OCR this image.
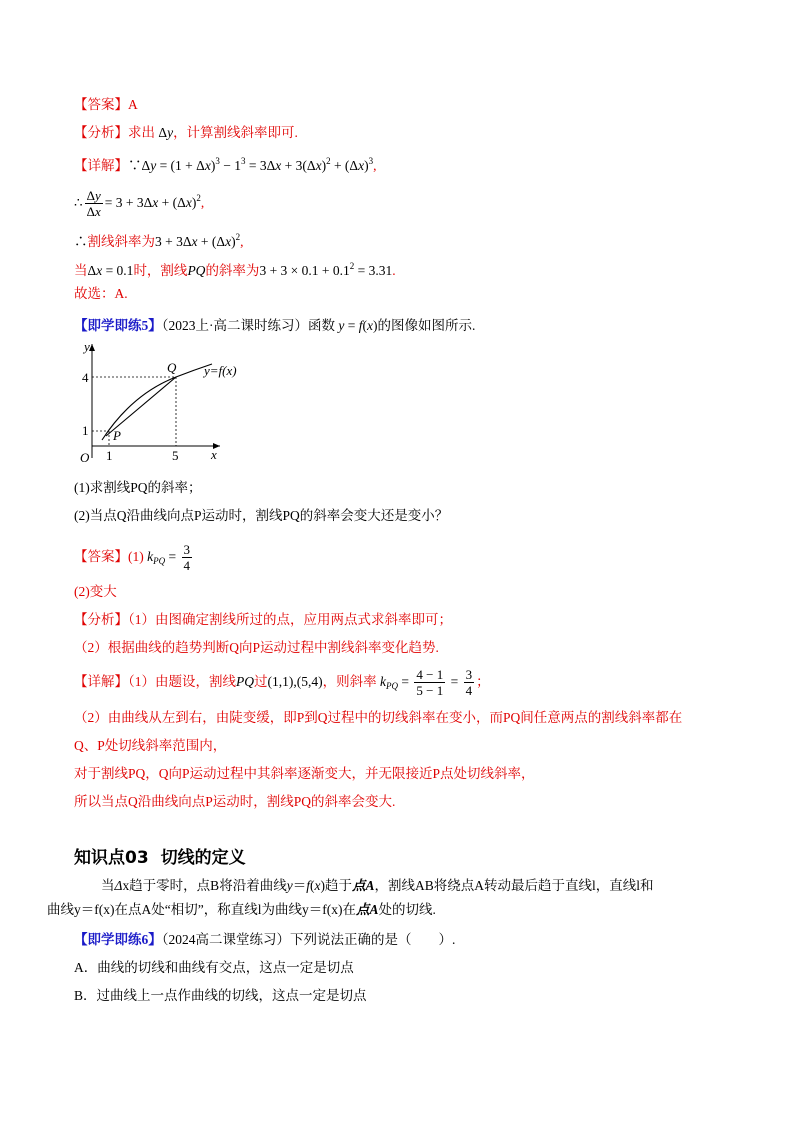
【答案】A
【分析】求出 Δy，计算割线斜率即可.
【详解】∵Δy = $(1 + \Delta x)^3 - 1^3 = 3\Delta x + 3(\Delta x)^2 + (\Delta x)^3$,
∴ $\frac{\Delta y}{\Delta x} = 3 + 3\Delta x + (\Delta x)^2$,
∴割线斜率为$3 + 3\Delta x + (\Delta x)^2$,
当Δx = 0.1时，割线PQ的斜率为$3 + 3 \times 0.1 + 0.1^2 = 3.31$.
故选：A.
【即学即练5】（2023上·高二课时练习）函数 y = f(x)的图像如图所示.
y
x
O
4
1
1	5
P
Q y=f(x)
(1)求割线PQ的斜率；
(2)当点Q沿曲线向点P运动时，割线PQ的斜率会变大还是变小？
【答案】(1) $k_{PQ} = \frac{3}{4}$
(2)变大
【分析】（1）由图确定割线所过的点，应用两点式求斜率即可；
（2）根据曲线的趋势判断Q向P运动过程中割线斜率变化趋势.
【详解】（1）由题设，割线PQ过(1,1),(5,4)，则斜率 $k_{PQ} = \frac{4 - 1}{5 - 1} = \frac{3}{4}$ ；
（2）由曲线从左到右，由陡变缓，即P到Q过程中的切线斜率在变小，而PQ间任意两点的割线斜率都在
Q、P处切线斜率范围内，
对于割线PQ，Q向P运动过程中其斜率逐渐变大，并无限接近P点处切线斜率，
所以当点Q沿曲线向点P运动时，割线PQ的斜率会变大.
知识点03 切线的定义
当Δx趋于零时，点B将沿着曲线y＝f(x)趋于点A，割线AB将绕点A转动最后趋于直线l，直线l和
曲线y＝f(x)在点A处“相切”，称直线l为曲线y＝f(x)在点A处的切线.
【即学即练6】（2024高二课堂练习）下列说法正确的是（　　）.
A．曲线的切线和曲线有交点，这点一定是切点
B．过曲线上一点作曲线的切线，这点一定是切点
